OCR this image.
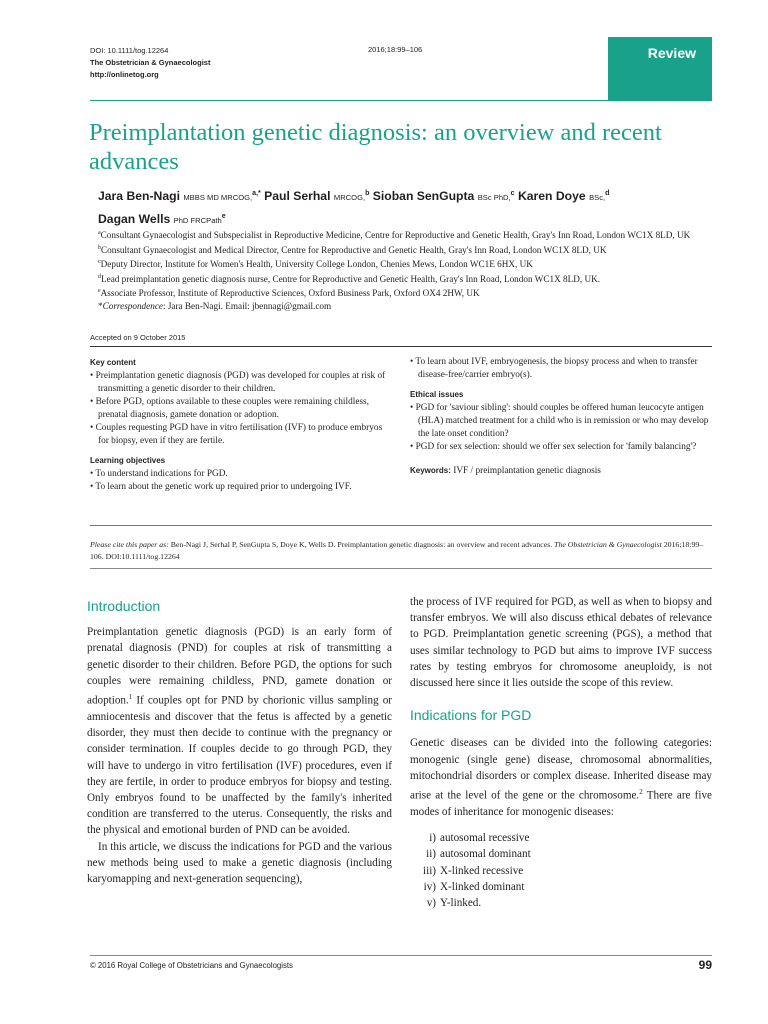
DOI: 10.1111/tog.12264
The Obstetrician & Gynaecologist
http://onlinetog.org
2016;18:99–106	Review
Preimplantation genetic diagnosis: an overview and recent advances
Jara Ben-Nagi MBBS MD MRCOG,$^{a,*}$ Paul Serhal MRCOG,$^b$ Sioban SenGupta BSc PhD,$^c$ Karen Doye BSc,$^d$
Dagan Wells PhD FRCPath$^e$
$^a$Consultant Gynaecologist and Subspecialist in Reproductive Medicine, Centre for Reproductive and Genetic Health, Gray's Inn Road, London WC1X 8LD, UK
$^b$Consultant Gynaecologist and Medical Director, Centre for Reproductive and Genetic Health, Gray's Inn Road, London WC1X 8LD, UK
$^c$Deputy Director, Institute for Women's Health, University College London, Chenies Mews, London WC1E 6HX, UK
$^d$Lead preimplantation genetic diagnosis nurse, Centre for Reproductive and Genetic Health, Gray's Inn Road, London WC1X 8LD, UK.
$^e$Associate Professor, Institute of Reproductive Sciences, Oxford Business Park, Oxford OX4 2HW, UK
*Correspondence: Jara Ben-Nagi. Email: jbennagi@gmail.com
Accepted on 9 October 2015
Key content
• Preimplantation genetic diagnosis (PGD) was developed for couples at risk of transmitting a genetic disorder to their children.
• Before PGD, options available to these couples were remaining childless, prenatal diagnosis, gamete donation or adoption.
• Couples requesting PGD have in vitro fertilisation (IVF) to produce embryos for biopsy, even if they are fertile.
Learning objectives
• To understand indications for PGD.
• To learn about the genetic work up required prior to undergoing IVF.
• To learn about IVF, embryogenesis, the biopsy process and when to transfer disease-free/carrier embryo(s).
Ethical issues
• PGD for 'saviour sibling': should couples be offered human leucocyte antigen (HLA) matched treatment for a child who is in remission or who may develop the late onset condition?
• PGD for sex selection: should we offer sex selection for 'family balancing'?
Keywords: IVF / preimplantation genetic diagnosis
Please cite this paper as: Ben-Nagi J, Serhal P, SenGupta S, Doye K, Wells D. Preimplantation genetic diagnosis: an overview and recent advances. The Obstetrician & Gynaecologist 2016;18:99–106. DOI:10.1111/tog.12264
Introduction

Preimplantation genetic diagnosis (PGD) is an early form of prenatal diagnosis (PND) for couples at risk of transmitting a genetic disorder to their children. Before PGD, the options for such couples were remaining childless, PND, gamete donation or adoption.$^1$ If couples opt for PND by chorionic villus sampling or amniocentesis and discover that the fetus is affected by a genetic disorder, they must then decide to continue with the pregnancy or consider termination. If couples decide to go through PGD, they will have to undergo in vitro fertilisation (IVF) procedures, even if they are fertile, in order to produce embryos for biopsy and testing. Only embryos found to be unaffected by the family's inherited condition are transferred to the uterus. Consequently, the risks and the physical and emotional burden of PND can be avoided.

In this article, we discuss the indications for PGD and the various new methods being used to make a genetic diagnosis (including karyomapping and next-generation sequencing),

the process of IVF required for PGD, as well as when to biopsy and transfer embryos. We will also discuss ethical debates of relevance to PGD. Preimplantation genetic screening (PGS), a method that uses similar technology to PGD but aims to improve IVF success rates by testing embryos for chromosome aneuploidy, is not discussed here since it lies outside the scope of this review.

Indications for PGD

Genetic diseases can be divided into the following categories: monogenic (single gene) disease, chromosomal abnormalities, mitochondrial disorders or complex disease. Inherited disease may arise at the level of the gene or the chromosome.$^2$ There are five modes of inheritance for monogenic diseases:

i) autosomal recessive
ii) autosomal dominant
iii) X-linked recessive
iv) X-linked dominant
v) Y-linked.
© 2016 Royal College of Obstetricians and Gynaecologists	99
